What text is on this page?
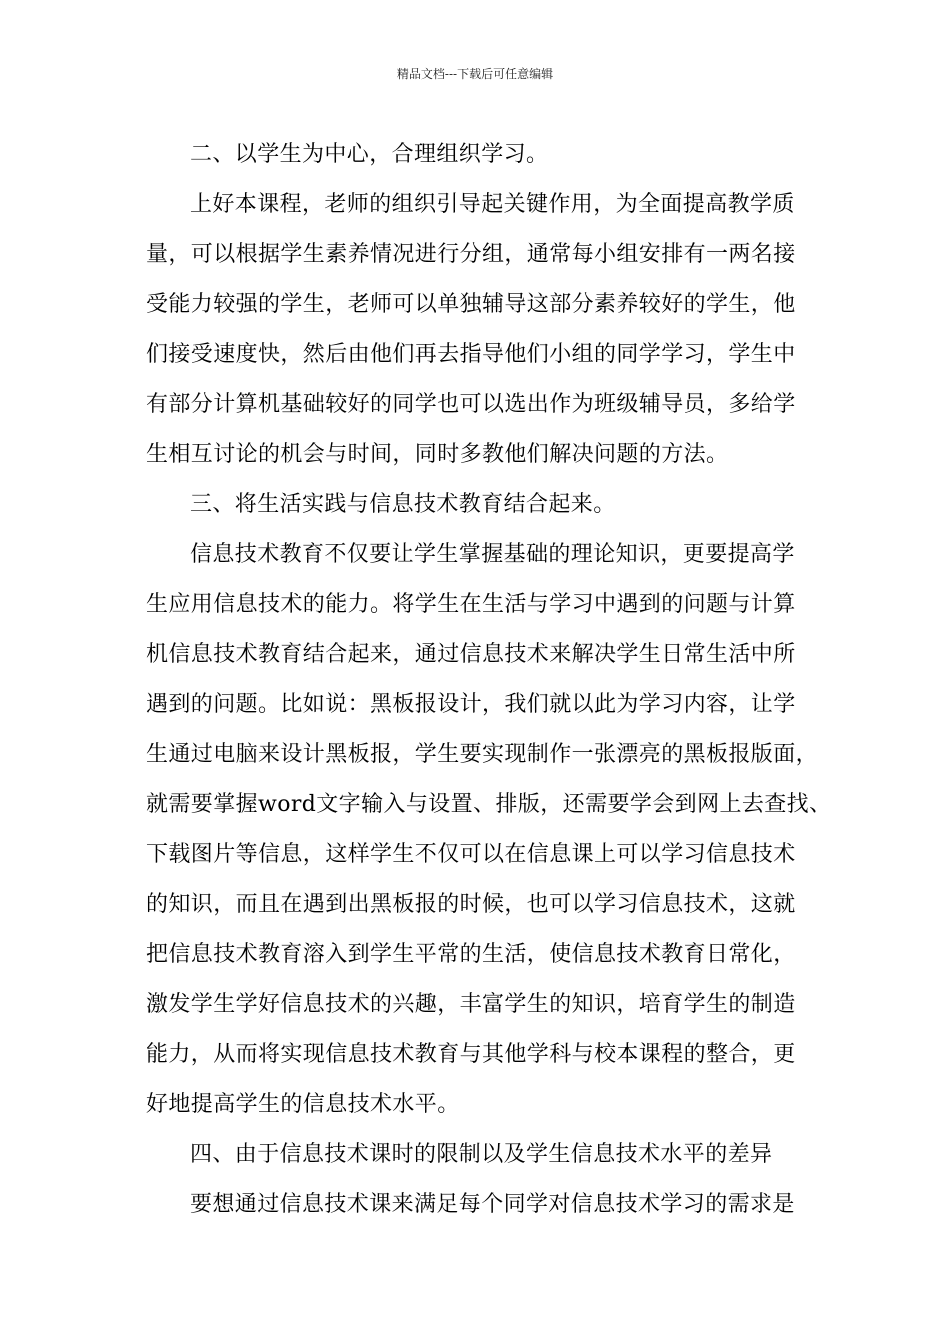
精品文档---下载后可任意编辑
二、以学生为中心，合理组织学习。
上好本课程，老师的组织引导起关键作用，为全面提高教学质
量，可以根据学生素养情况进行分组，通常每小组安排有一两名接
受能力较强的学生，老师可以单独辅导这部分素养较好的学生，他
们接受速度快，然后由他们再去指导他们小组的同学学习，学生中
有部分计算机基础较好的同学也可以选出作为班级辅导员，多给学
生相互讨论的机会与时间，同时多教他们解决问题的方法。
三、将生活实践与信息技术教育结合起来。
信息技术教育不仅要让学生掌握基础的理论知识，更要提高学
生应用信息技术的能力。将学生在生活与学习中遇到的问题与计算
机信息技术教育结合起来，通过信息技术来解决学生日常生活中所
遇到的问题。比如说：黑板报设计，我们就以此为学习内容，让学
生通过电脑来设计黑板报，学生要实现制作一张漂亮的黑板报版面，
就需要掌握word文字输入与设置、排版，还需要学会到网上去查找、
下载图片等信息，这样学生不仅可以在信息课上可以学习信息技术
的知识，而且在遇到出黑板报的时候，也可以学习信息技术，这就
把信息技术教育溶入到学生平常的生活，使信息技术教育日常化，
激发学生学好信息技术的兴趣，丰富学生的知识，培育学生的制造
能力，从而将实现信息技术教育与其他学科与校本课程的整合，更
好地提高学生的信息技术水平。
四、由于信息技术课时的限制以及学生信息技术水平的差异
要想通过信息技术课来满足每个同学对信息技术学习的需求是
